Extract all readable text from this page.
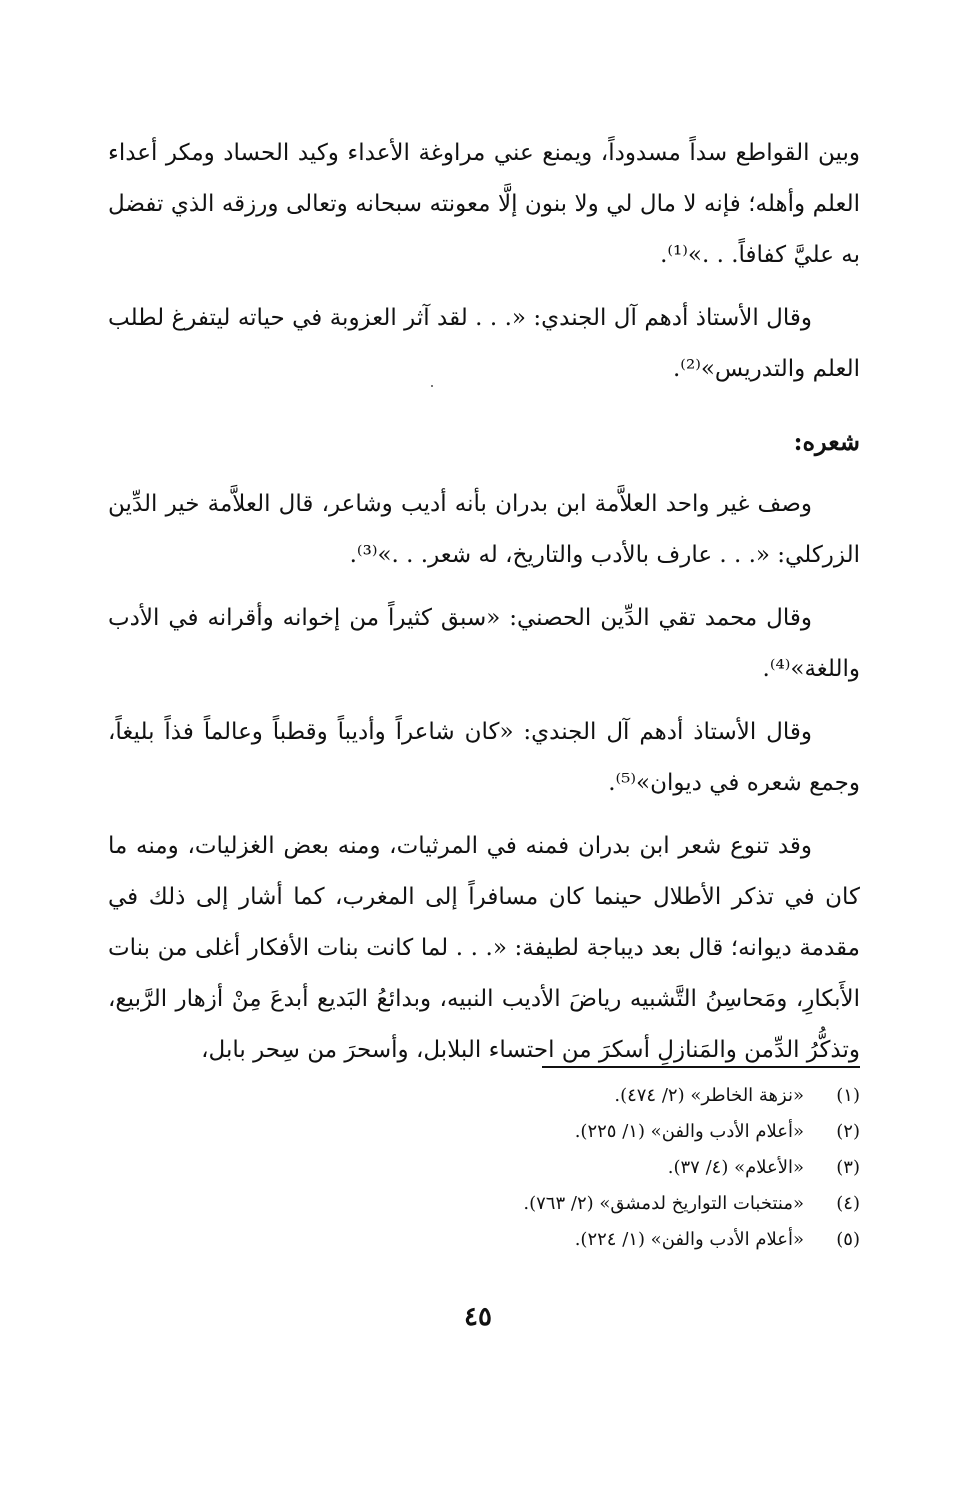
وبين القواطع سداً مسدوداً، ويمنع عني مراوغة الأعداء وكيد الحساد ومكر أعداء العلم وأهله؛ فإنه لا مال لي ولا بنون إلَّا معونته سبحانه وتعالى ورزقه الذي تفضل به عليَّ كفافاً. . .»⁽¹⁾.

وقال الأستاذ أدهم آل الجندي: «. . . لقد آثر العزوبة في حياته ليتفرغ لطلب العلم والتدريس»⁽²⁾.

شعره:

وصف غير واحد العلاَّمة ابن بدران بأنه أديب وشاعر، قال العلاَّمة خير الدِّين الزركلي: «. . . عارف بالأدب والتاريخ، له شعر. . .»⁽³⁾.

وقال محمد تقي الدِّين الحصني: «سبق كثيراً من إخوانه وأقرانه في الأدب واللغة»⁽⁴⁾.

وقال الأستاذ أدهم آل الجندي: «كان شاعراً وأديباً وقطباً وعالماً فذاً بليغاً، وجمع شعره في ديوان»⁽⁵⁾.

وقد تنوع شعر ابن بدران فمنه في المرثيات، ومنه بعض الغزليات، ومنه ما كان في تذكر الأطلال حينما كان مسافراً إلى المغرب، كما أشار إلى ذلك في مقدمة ديوانه؛ قال بعد ديباجة لطيفة: «. . . لما كانت بنات الأفكار أغلى من بنات الأَبكارِ، ومَحاسِنُ التَّشبيه رياضَ الأديب النبيه، وبدائعُ البَديع أبدعَ مِنْ أزهار الرَّبيع، وتذكُّرُ الدِّمن والمَنازلِ أسكرَ من احتساء البلابل، وأسحرَ من سِحر بابل،

(١)«نزهة الخاطر» (٢/ ٤٧٤).
(٢)«أعلام الأدب والفن» (١/ ٢٢٥).
(٣)«الأعلام» (٤/ ٣٧).
(٤)«منتخبات التواريخ لدمشق» (٢/ ٧٦٣).
(٥)«أعلام الأدب والفن» (١/ ٢٢٤).
٤٥
